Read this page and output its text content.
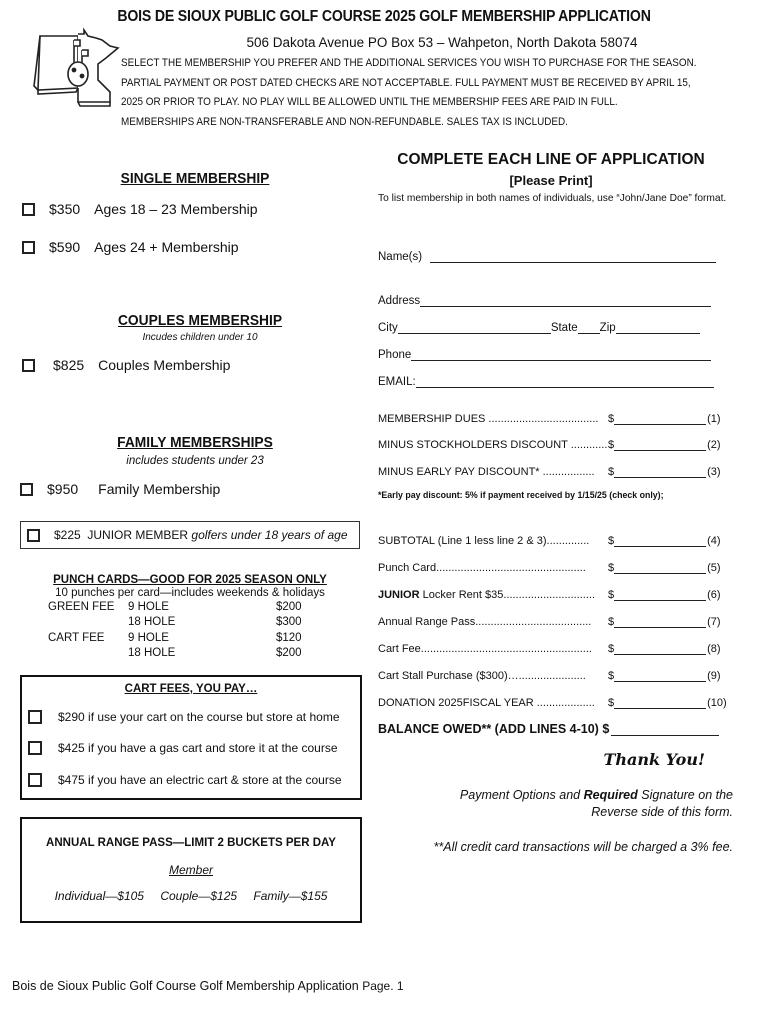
BOIS DE SIOUX PUBLIC GOLF COURSE 2025 GOLF MEMBERSHIP APPLICATION
506 Dakota Avenue PO Box 53 – Wahpeton, North Dakota 58074
SELECT THE MEMBERSHIP YOU PREFER AND THE ADDITIONAL SERVICES YOU WISH TO PURCHASE FOR THE SEASON.
PARTIAL PAYMENT OR POST DATED CHECKS ARE NOT ACCEPTABLE. FULL PAYMENT MUST BE RECEIVED BY APRIL 15,
2025 OR PRIOR TO PLAY. NO PLAY WILL BE ALLOWED UNTIL THE MEMBERSHIP FEES ARE PAID IN FULL.
MEMBERSHIPS ARE NON-TRANSFERABLE AND NON-REFUNDABLE. SALES TAX IS INCLUDED.
SINGLE MEMBERSHIP
$350 Ages 18 – 23 Membership
$590 Ages 24 + Membership
COUPLES MEMBERSHIP
Incudes children under 10
$825 Couples Membership
FAMILY MEMBERSHIPS
includes students under 23
$950 Family Membership
$225 JUNIOR MEMBER golfers under 18 years of age
PUNCH CARDS—GOOD FOR 2025 SEASON ONLY
10 punches per card—includes weekends & holidays
GREEN FEE	9 HOLE	$200
	18 HOLE	$300
CART FEE	9 HOLE	$120
	18 HOLE	$200
CART FEES, YOU PAY…
$290 if use your cart on the course but store at home
$425 if you have a gas cart and store it at the course
$475 if you have an electric cart & store at the course
ANNUAL RANGE PASS—LIMIT 2 BUCKETS PER DAY
Member
Individual—$105 Couple—$125 Family—$155
COMPLETE EACH LINE OF APPLICATION
[Please Print]
To list membership in both names of individuals, use “John/Jane Doe” format.
Name(s)
Address
City	State Zip
Phone
EMAIL:
MEMBERSHIP DUES .................................... $	(1)
MINUS STOCKHOLDERS DISCOUNT ............ $	(2)
MINUS EARLY PAY DISCOUNT* .................	$	(3)
*Early pay discount: 5% if payment received by 1/15/25 (check only);
SUBTOTAL (Line 1 less line 2 & 3)..............	$	(4)
Punch Card.................................................	$	(5)
JUNIOR Locker Rent $35..............................	$	(6)
Annual Range Pass......................................	$	(7)
Cart Fee........................................................	$	(8)
Cart Stall Purchase ($300)…......................	$	(9)
DONATION 2025FISCAL YEAR ...................	$	(10)
BALANCE OWED** (ADD LINES 4-10) $
Thank You!
Payment Options and Required Signature on the
Reverse side of this form.
**All credit card transactions will be charged a 3% fee.
Bois de Sioux Public Golf Course Golf Membership Application Page. 1
